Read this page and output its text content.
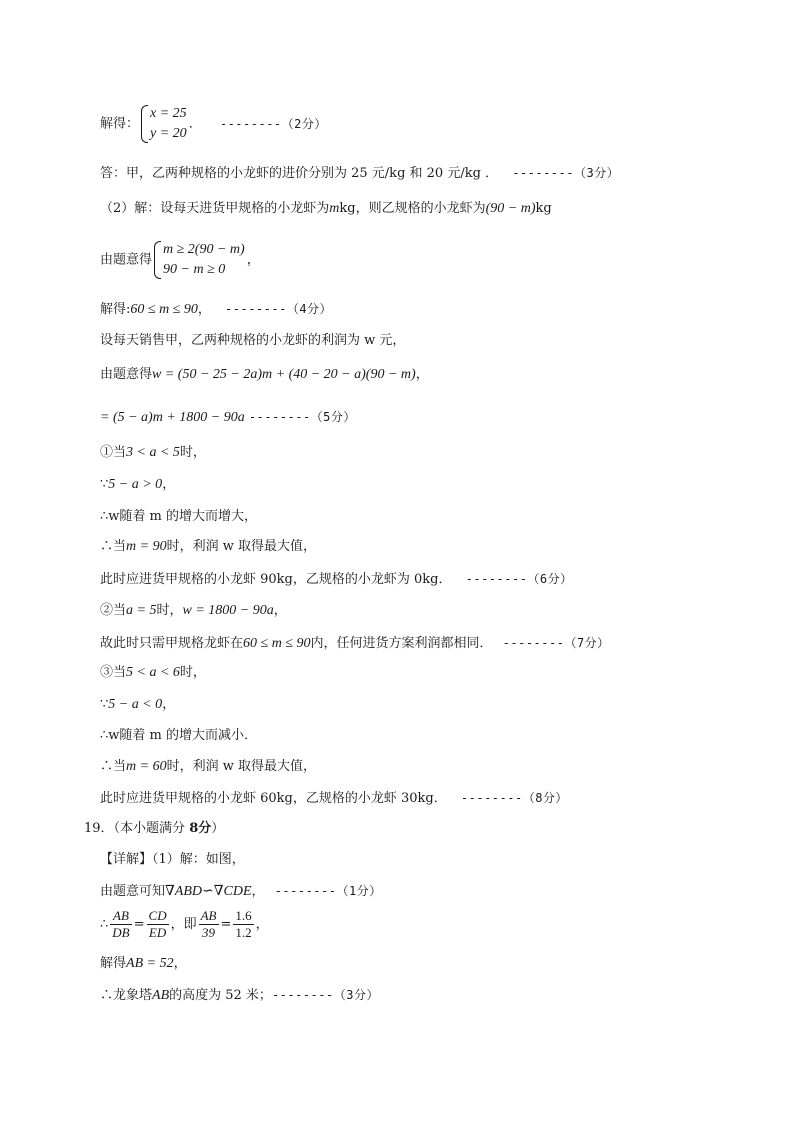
解得：
x = 25
y = 20
． --------（2分）
答：甲，乙两种规格的小龙虾的进价分别为 25 元/kg 和 20 元/kg ． --------（3分）
（2）解：设每天进货甲规格的小龙虾为mkg，则乙规格的小龙虾为(90 − m)kg
由题意得
m ≥ 2(90 − m)
90 − m ≥ 0
，
解得:60 ≤ m ≤ 90， --------（4分）
设每天销售甲，乙两种规格的小龙虾的利润为 w 元，
由题意得w = (50 − 25 − 2a)m + (40 − 20 − a)(90 − m)，
= (5 − a)m + 1800 − 90a --------（5分）
①当3 < a < 5时，
∵5 − a > 0，
∴w随着 m 的增大而增大，
∴当m = 90时，利润 w 取得最大值，
此时应进货甲规格的小龙虾 90kg，乙规格的小龙虾为 0kg． --------（6分）
②当a = 5时，w = 1800 − 90a，
故此时只需甲规格龙虾在60 ≤ m ≤ 90内，任何进货方案利润都相同． --------（7分）
③当5 < a < 6时，
∵5 − a < 0，
∴w随着 m 的增大而减小．
∴当m = 60时，利润 w 取得最大值，
此时应进货甲规格的小龙虾 60kg，乙规格的小龙虾 30kg． --------（8分）
19．（本小题满分 8分）
【详解】（1）解：如图，
由题意可知∇ABD∽∇CDE， --------（1分）
∴ $\frac{AB}{DB} = \frac{CD}{ED}$ ，即 $\frac{AB}{39} = \frac{1.6}{1.2}$ ，
解得AB = 52，
∴龙象塔AB的高度为 52 米；--------（3分）
